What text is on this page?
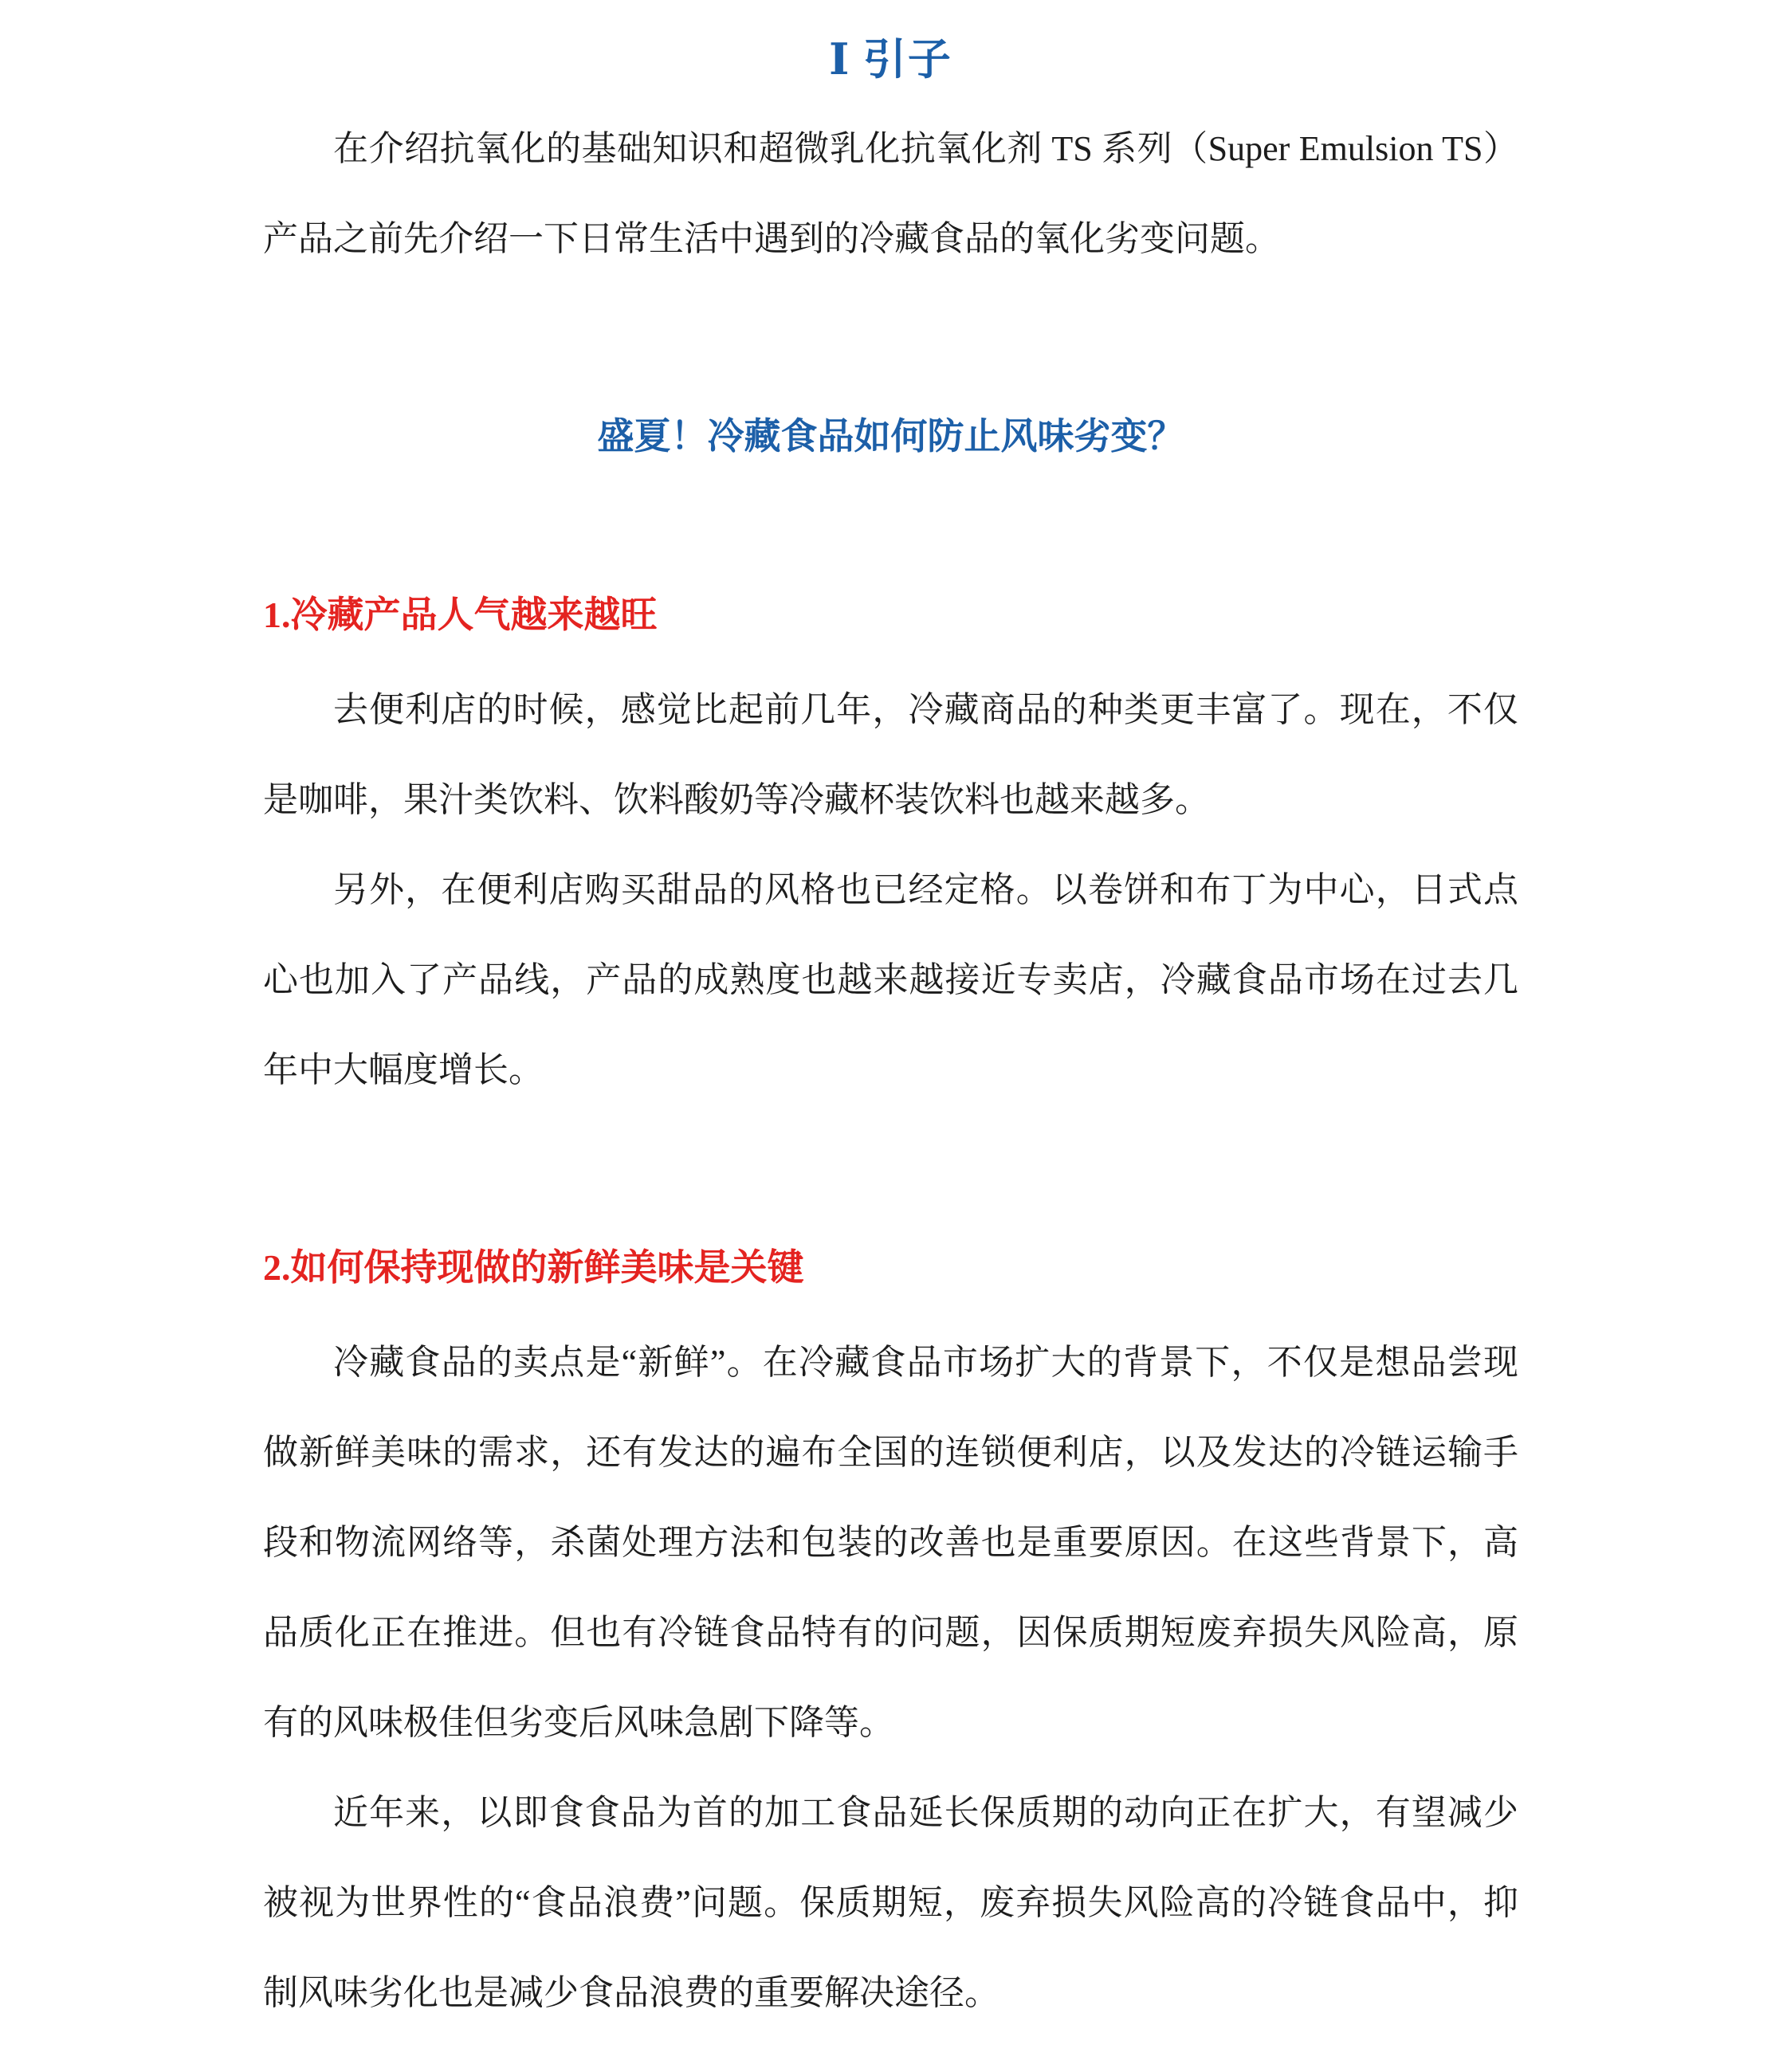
Ⅰ 引子

在介绍抗氧化的基础知识和超微乳化抗氧化剂 TS 系列（Super Emulsion TS）产品之前先介绍一下日常生活中遇到的冷藏食品的氧化劣变问题。

盛夏！冷藏食品如何防止风味劣变？
1.冷藏产品人气越来越旺

去便利店的时候，感觉比起前几年，冷藏商品的种类更丰富了。现在，不仅是咖啡，果汁类饮料、饮料酸奶等冷藏杯装饮料也越来越多。

另外，在便利店购买甜品的风格也已经定格。以卷饼和布丁为中心，日式点心也加入了产品线，产品的成熟度也越来越接近专卖店，冷藏食品市场在过去几年中大幅度增长。

2.如何保持现做的新鲜美味是关键

冷藏食品的卖点是“新鲜”。在冷藏食品市场扩大的背景下，不仅是想品尝现做新鲜美味的需求，还有发达的遍布全国的连锁便利店，以及发达的冷链运输手段和物流网络等，杀菌处理方法和包装的改善也是重要原因。在这些背景下，高品质化正在推进。但也有冷链食品特有的问题，因保质期短废弃损失风险高，原有的风味极佳但劣变后风味急剧下降等。

近年来，以即食食品为首的加工食品延长保质期的动向正在扩大，有望减少被视为世界性的“食品浪费”问题。保质期短，废弃损失风险高的冷链食品中，抑制风味劣化也是减少食品浪费的重要解决途径。
